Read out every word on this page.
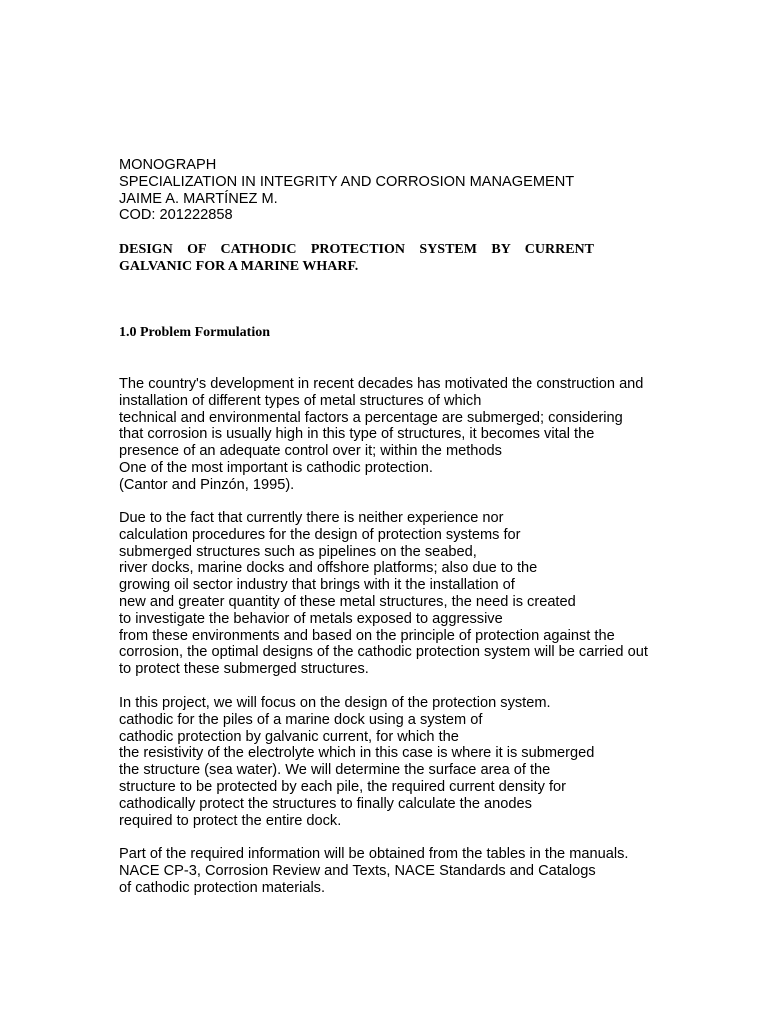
MONOGRAPH
SPECIALIZATION IN INTEGRITY AND CORROSION MANAGEMENT
JAIME A. MARTÍNEZ M.
COD: 201222858
DESIGN OF CATHODIC PROTECTION SYSTEM BY CURRENT
GALVANIC FOR A MARINE WHARF.
1.0 Problem Formulation
The country's development in recent decades has motivated the construction and
installation of different types of metal structures of which
technical and environmental factors a percentage are submerged; considering
that corrosion is usually high in this type of structures, it becomes vital the
presence of an adequate control over it; within the methods
One of the most important is cathodic protection.
(Cantor and Pinzón, 1995).
Due to the fact that currently there is neither experience nor
calculation procedures for the design of protection systems for
submerged structures such as pipelines on the seabed,
river docks, marine docks and offshore platforms; also due to the
growing oil sector industry that brings with it the installation of
new and greater quantity of these metal structures, the need is created
to investigate the behavior of metals exposed to aggressive
from these environments and based on the principle of protection against the
corrosion, the optimal designs of the cathodic protection system will be carried out
to protect these submerged structures.
In this project, we will focus on the design of the protection system.
cathodic for the piles of a marine dock using a system of
cathodic protection by galvanic current, for which the
the resistivity of the electrolyte which in this case is where it is submerged
the structure (sea water). We will determine the surface area of the
structure to be protected by each pile, the required current density for
cathodically protect the structures to finally calculate the anodes
required to protect the entire dock.
Part of the required information will be obtained from the tables in the manuals.
NACE CP-3, Corrosion Review and Texts, NACE Standards and Catalogs
of cathodic protection materials.
